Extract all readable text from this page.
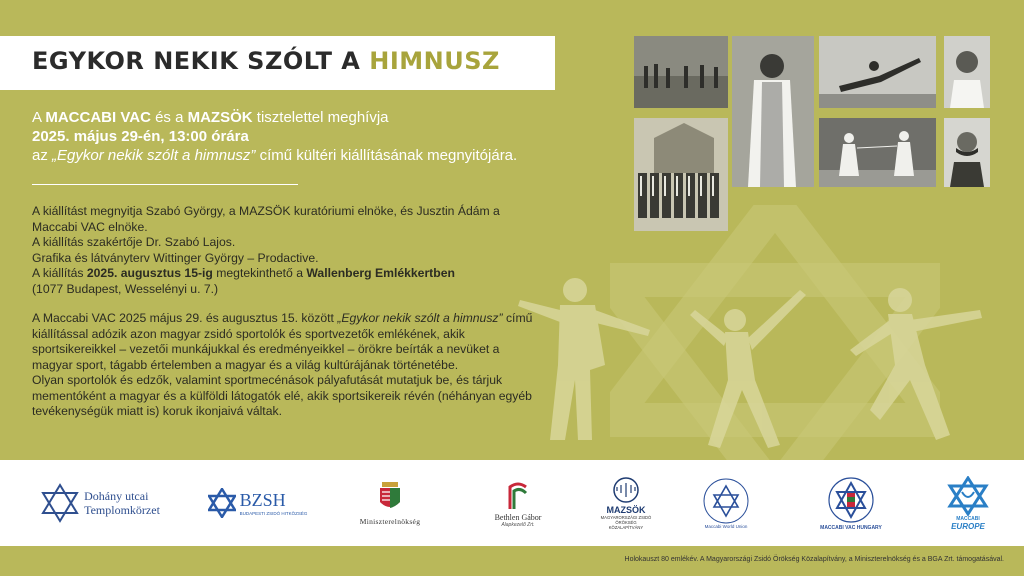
EGYKOR NEKIK SZÓLT A HIMNUSZ
A MACCABI VAC és a MAZSÖK tisztelettel meghívja
2025. május 29-én, 13:00 órára
az „Egykor nekik szólt a himnusz” című kültéri kiállításának megnyitójára.
A kiállítást megnyitja Szabó György, a MAZSÖK kuratóriumi elnöke, és Jusztin Ádám a Maccabi VAC elnöke.
A kiállítás szakértője Dr. Szabó Lajos.
Grafika és látványterv Wittinger György – Prodactive.
A kiállítás 2025. augusztus 15-ig megtekinthető a Wallenberg Emlékkertben
(1077 Budapest, Wesselényi u. 7.)
A Maccabi VAC 2025 május 29. és augusztus 15. között „Egykor nekik szólt a himnusz” című kiállítással adózik azon magyar zsidó sportolók és sportvezetők emlékének, akik sportsikereikkel – vezetői munkájukkal és eredményeikkel – örökre beírták a nevüket a magyar sport, tágabb értelemben a magyar és a világ kultúrájának történetébe.
Olyan sportolók és edzők, valamint sportmecénások pályafutását mutatjuk be, és tárjuk mementóként a magyar és a külföldi látogatók elé, akik sportsikereik révén (néhányan egyéb tevékenységük miatt is) koruk ikonjaivá váltak.
Dohány utcai
Templomkörzet	BZSH
BUDAPESTI ZSIDÓ HITKÖZSÉG
Miniszterelnökség	Bethlen Gábor
Alapkezelő Zrt.
MAZSÖK
MAGYARORSZÁGI ZSIDÓ ÖRÖKSÉG KÖZALAPÍTVÁNY	Maccabi World Union	MACCABI VAC HUNGARY
MACCABI
EUROPE
Holokauszt 80 emlékév. A Magyarországi Zsidó Örökség Közalapítvány, a Miniszterelnökség és a BGA Zrt. támogatásával.
